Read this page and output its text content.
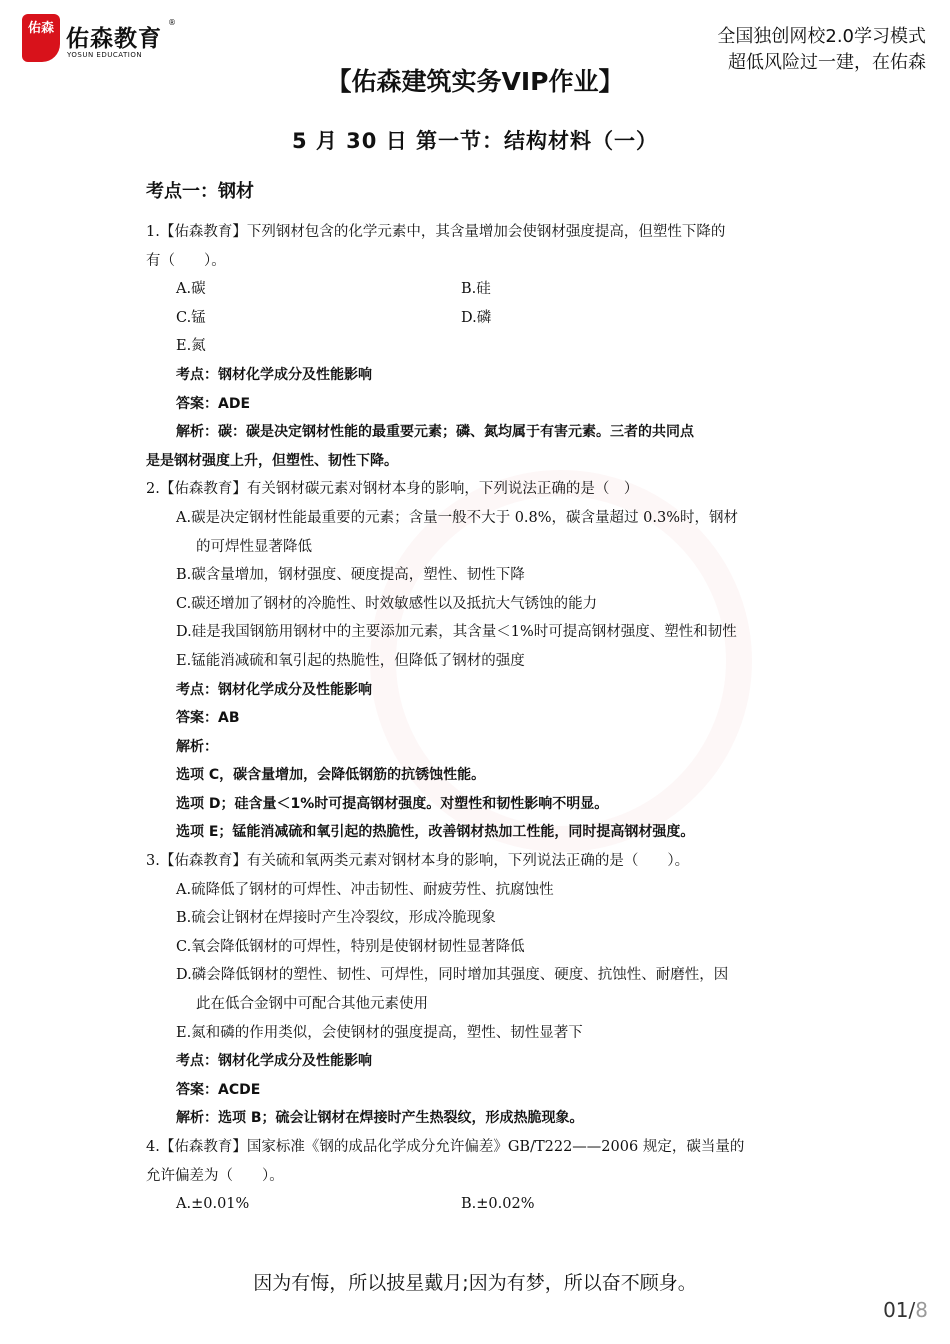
佑森 佑森教育
®
YOSUN EDUCATION
全国独创网校2.0学习模式
超低风险过一建，在佑森
【佑森建筑实务VIP作业】
5 月 30 日 第一节：结构材料（一）
考点一：钢材
1.【佑森教育】下列钢材包含的化学元素中，其含量增加会使钢材强度提高，但塑性下降的
有（　　）。
A.碳	B.硅
C.锰	D.磷
E.氮
考点：钢材化学成分及性能影响
答案：ADE
解析：碳：碳是决定钢材性能的最重要元素；磷、氮均属于有害元素。三者的共同点
是是钢材强度上升，但塑性、韧性下降。
2.【佑森教育】有关钢材碳元素对钢材本身的影响，下列说法正确的是（　）
A.碳是决定钢材性能最重要的元素；含量一般不大于 0.8%，碳含量超过 0.3%时，钢材
的可焊性显著降低
B.碳含量增加，钢材强度、硬度提高，塑性、韧性下降
C.碳还增加了钢材的冷脆性、时效敏感性以及抵抗大气锈蚀的能力
D.硅是我国钢筋用钢材中的主要添加元素，其含量＜1%时可提高钢材强度、塑性和韧性
E.锰能消减硫和氧引起的热脆性，但降低了钢材的强度
考点：钢材化学成分及性能影响
答案：AB
解析：
选项 C，碳含量增加，会降低钢筋的抗锈蚀性能。
选项 D；硅含量＜1%时可提高钢材强度。对塑性和韧性影响不明显。
选项 E；锰能消减硫和氧引起的热脆性，改善钢材热加工性能，同时提高钢材强度。
3.【佑森教育】有关硫和氧两类元素对钢材本身的影响，下列说法正确的是（　　）。
A.硫降低了钢材的可焊性、冲击韧性、耐疲劳性、抗腐蚀性
B.硫会让钢材在焊接时产生冷裂纹，形成冷脆现象
C.氧会降低钢材的可焊性，特别是使钢材韧性显著降低
D.磷会降低钢材的塑性、韧性、可焊性，同时增加其强度、硬度、抗蚀性、耐磨性，因
此在低合金钢中可配合其他元素使用
E.氮和磷的作用类似，会使钢材的强度提高，塑性、韧性显著下
考点：钢材化学成分及性能影响
答案：ACDE
解析：选项 B；硫会让钢材在焊接时产生热裂纹，形成热脆现象。
4.【佑森教育】国家标准《钢的成品化学成分允许偏差》GB/T222——2006 规定，碳当量的
允许偏差为（　　）。
A.±0.01%	B.±0.02%
因为有悔，所以披星戴月;因为有梦，所以奋不顾身。
01/8
